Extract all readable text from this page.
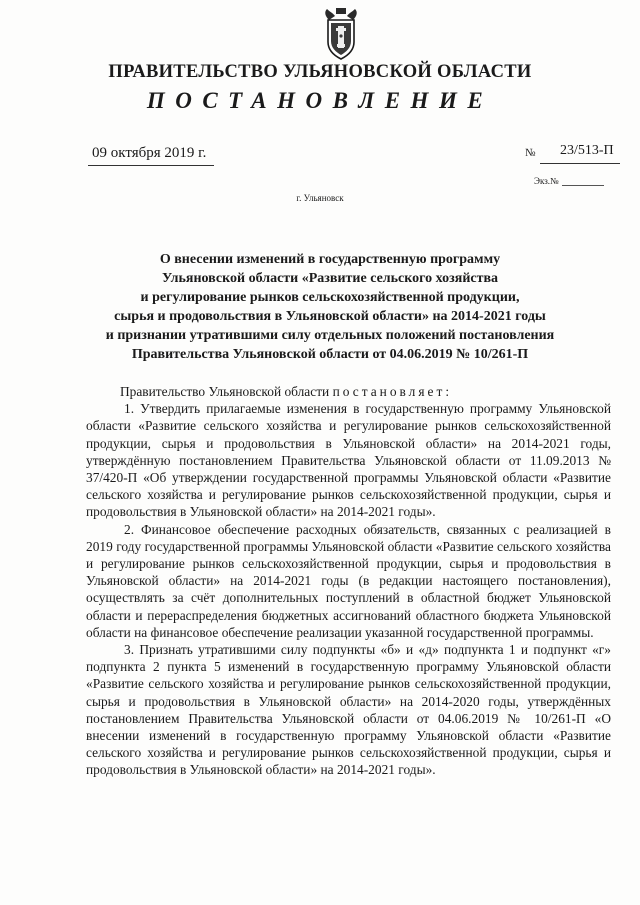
ПРАВИТЕЛЬСТВО УЛЬЯНОВСКОЙ ОБЛАСТИ
ПОСТАНОВЛЕНИЕ
09 октября 2019 г.	№ 23/513-П
Экз.№
г. Ульяновск
О внесении изменений в государственную программу
Ульяновской области «Развитие сельского хозяйства
и регулирование рынков сельскохозяйственной продукции,
сырья и продовольствия в Ульяновской области» на 2014-2021 годы
и признании утратившими силу отдельных положений постановления
Правительства Ульяновской области от 04.06.2019 № 10/261-П

Правительство Ульяновской области постановляет:

1. Утвердить прилагаемые изменения в государственную программу Ульяновской области «Развитие сельского хозяйства и регулирование рынков сельскохозяйственной продукции, сырья и продовольствия в Ульяновской области» на 2014-2021 годы, утверждённую постановлением Правительства Ульяновской области от 11.09.2013 № 37/420-П «Об утверждении государственной программы Ульяновской области «Развитие сельского хозяйства и регулирование рынков сельскохозяйственной продукции, сырья и продовольствия в Ульяновской области» на 2014-2021 годы».

2. Финансовое обеспечение расходных обязательств, связанных с реализацией в 2019 году государственной программы Ульяновской области «Развитие сельского хозяйства и регулирование рынков сельскохозяйственной продукции, сырья и продовольствия в Ульяновской области» на 2014-2021 годы (в редакции настоящего постановления), осуществлять за счёт дополнительных поступлений в областной бюджет Ульяновской области и перераспределения бюджетных ассигнований областного бюджета Ульяновской области на финансовое обеспечение реализации указанной государственной программы.

3. Признать утратившими силу подпункты «б» и «д» подпункта 1 и подпункт «г» подпункта 2 пункта 5 изменений в государственную программу Ульяновской области «Развитие сельского хозяйства и регулирование рынков сельскохозяйственной продукции, сырья и продовольствия в Ульяновской области» на 2014-2020 годы, утверждённых постановлением Правительства Ульяновской области от 04.06.2019 № 10/261-П «О внесении изменений в государственную программу Ульяновской области «Развитие сельского хозяйства и регулирование рынков сельскохозяйственной продукции, сырья и продовольствия в Ульяновской области» на 2014-2021 годы».
